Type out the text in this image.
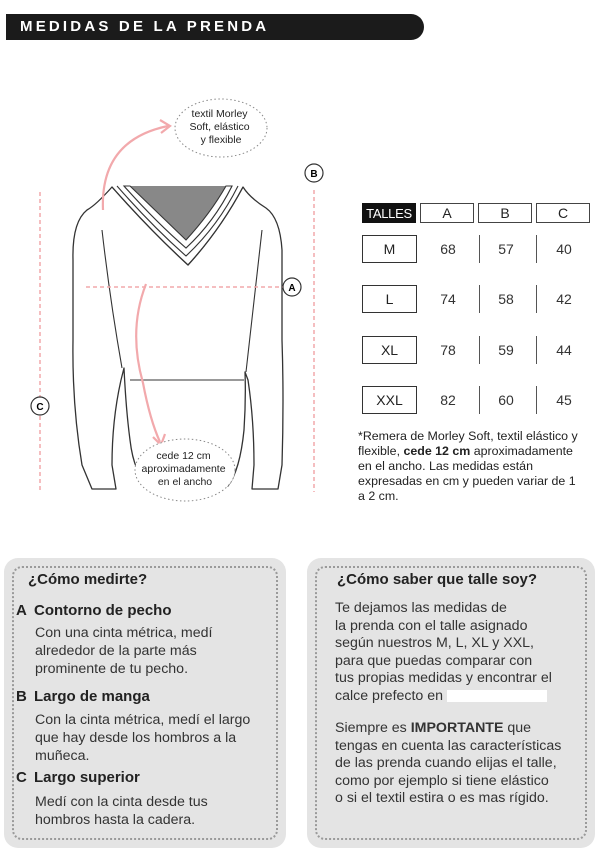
MEDIDAS DE LA PRENDA
A
B
C
textil Morley Soft, elástico y flexible
cede 12 cm aproximadamente en el ancho
TALLES	A	B	C
M	68	57	40
L	74	58	42
XL	78	59	44
XXL	82	60	45
*Remera de Morley Soft, textil elástico y flexible, cede 12 cm aproximadamente en el ancho. Las medidas están expresadas en cm y pueden variar de 1 a 2 cm.
¿Cómo medirte?
A Contorno de pecho
Con una cinta métrica, medí
alrededor de la parte más
prominente de tu pecho.
B Largo de manga
Con la cinta métrica, medí el largo
que hay desde los hombros a la
muñeca.
C Largo superior
Medí con la cinta desde tus
hombros hasta la cadera.
¿Cómo saber que talle soy?
Te dejamos las medidas de
la prenda con el talle asignado
según nuestros M, L, XL y XXL,
para que puedas comparar con
tus propias medidas y encontrar el
calce prefecto en
Siempre es IMPORTANTE que
tengas en cuenta las características
de las prenda cuando elijas el talle,
como por ejemplo si tiene elástico
o si el textil estira o es mas rígido.
